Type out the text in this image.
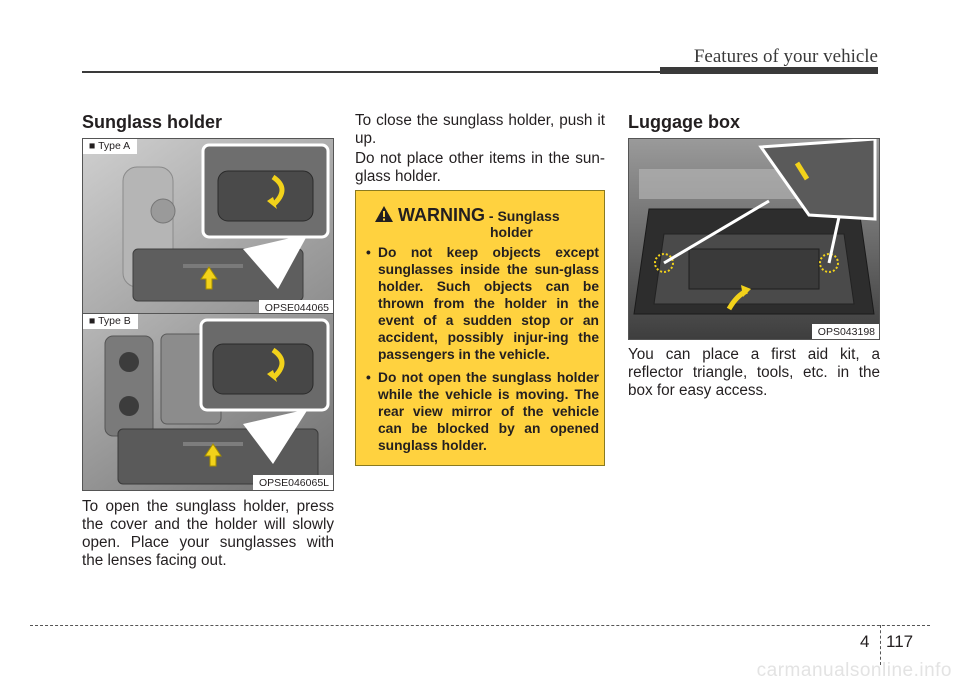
Features of your vehicle
Sunglass holder
■ Type A
OPSE044065
■ Type B
OPSE046065L

To open the sunglass holder, press the cover and the holder will slowly open. Place your sunglasses with the lenses facing out.

To close the sunglass holder, push it up.

Do not place other items in the sun-glass holder.

WARNING - Sunglass
holder
• Do not keep objects except sunglasses inside the sun-glass holder. Such objects can be thrown from the holder in the event of a sudden stop or an accident, possibly injur-ing the passengers in the vehicle.
• Do not open the sunglass holder while the vehicle is moving. The rear view mirror of the vehicle can be blocked by an opened sunglass holder.
Luggage box
OPS043198

You can place a first aid kit, a reflector triangle, tools, etc. in the box for easy access.

4 117
carmanualsonline.info
